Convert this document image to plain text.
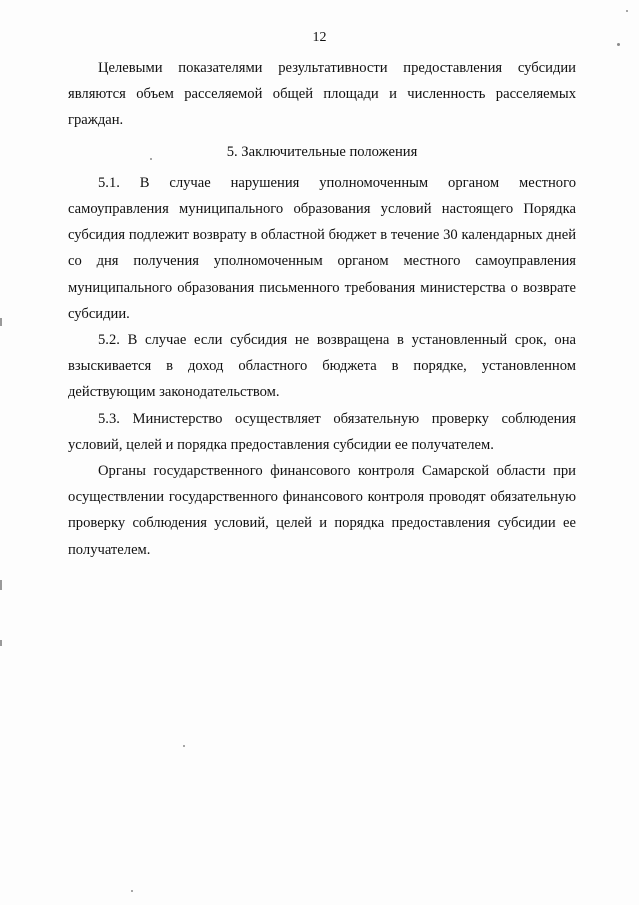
12

Целевыми показателями результативности предоставления субсидии являются объем расселяемой общей площади и численность расселяемых граждан.

5. Заключительные положения

5.1. В случае нарушения уполномоченным органом местного самоуправления муниципального образования условий настоящего Порядка субсидия подлежит возврату в областной бюджет в течение 30 календарных дней со дня получения уполномоченным органом местного самоуправления муниципального образования письменного требования министерства о возврате субсидии.

5.2. В случае если субсидия не возвращена в установленный срок, она взыскивается в доход областного бюджета в порядке, установленном действующим законодательством.

5.3. Министерство осуществляет обязательную проверку соблюдения условий, целей и порядка предоставления субсидии ее получателем.

Органы государственного финансового контроля Самарской области при осуществлении государственного финансового контроля проводят обязательную проверку соблюдения условий, целей и порядка предоставления субсидии ее получателем.
